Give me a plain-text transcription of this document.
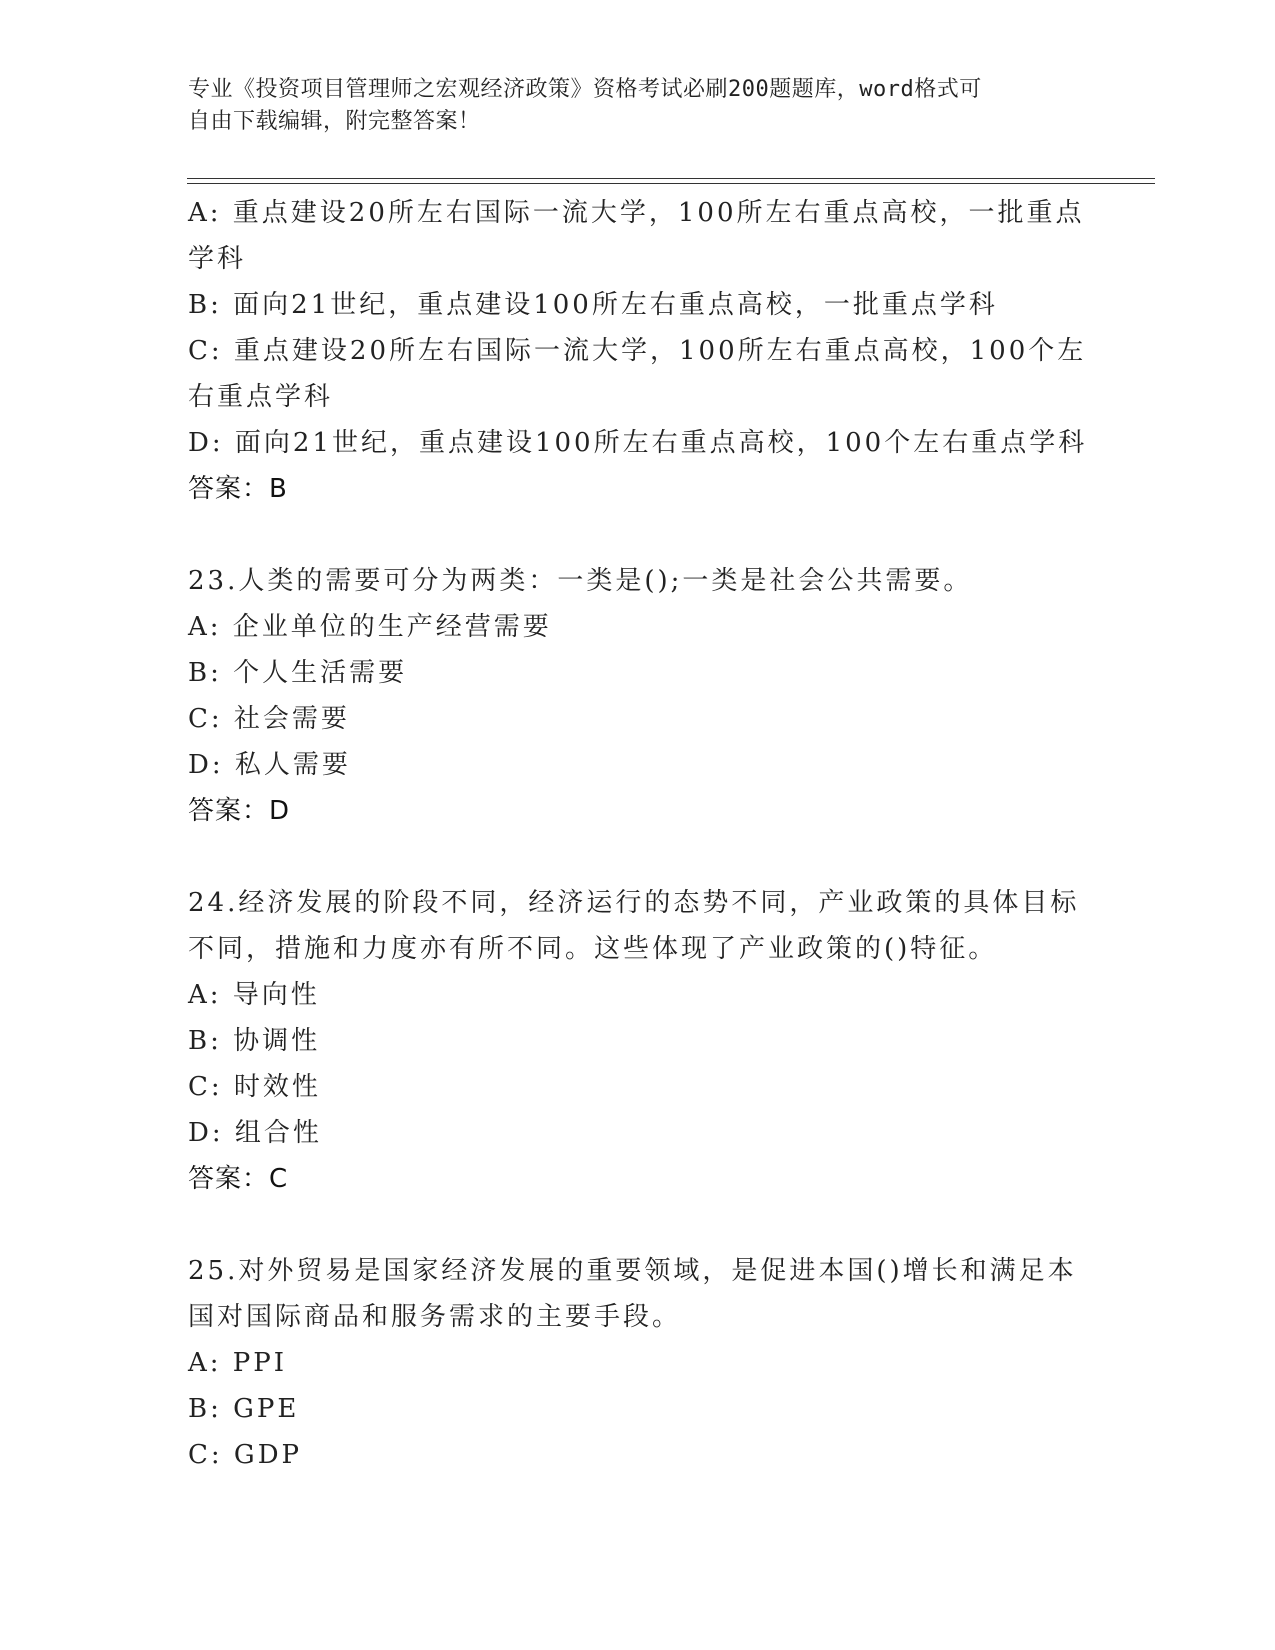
专业《投资项目管理师之宏观经济政策》资格考试必刷200题题库，word格式可
自由下载编辑，附完整答案！
A: 重点建设20所左右国际一流大学，100所左右重点高校，一批重点
学科
B: 面向21世纪，重点建设100所左右重点高校，一批重点学科
C: 重点建设20所左右国际一流大学，100所左右重点高校，100个左
右重点学科
D: 面向21世纪，重点建设100所左右重点高校，100个左右重点学科
答案：B
23.人类的需要可分为两类：一类是();一类是社会公共需要。
A: 企业单位的生产经营需要
B: 个人生活需要
C: 社会需要
D: 私人需要
答案：D
24.经济发展的阶段不同，经济运行的态势不同，产业政策的具体目标
不同，措施和力度亦有所不同。这些体现了产业政策的()特征。
A: 导向性
B: 协调性
C: 时效性
D: 组合性
答案：C
25.对外贸易是国家经济发展的重要领域，是促进本国()增长和满足本
国对国际商品和服务需求的主要手段。
A: PPI
B: GPE
C: GDP
